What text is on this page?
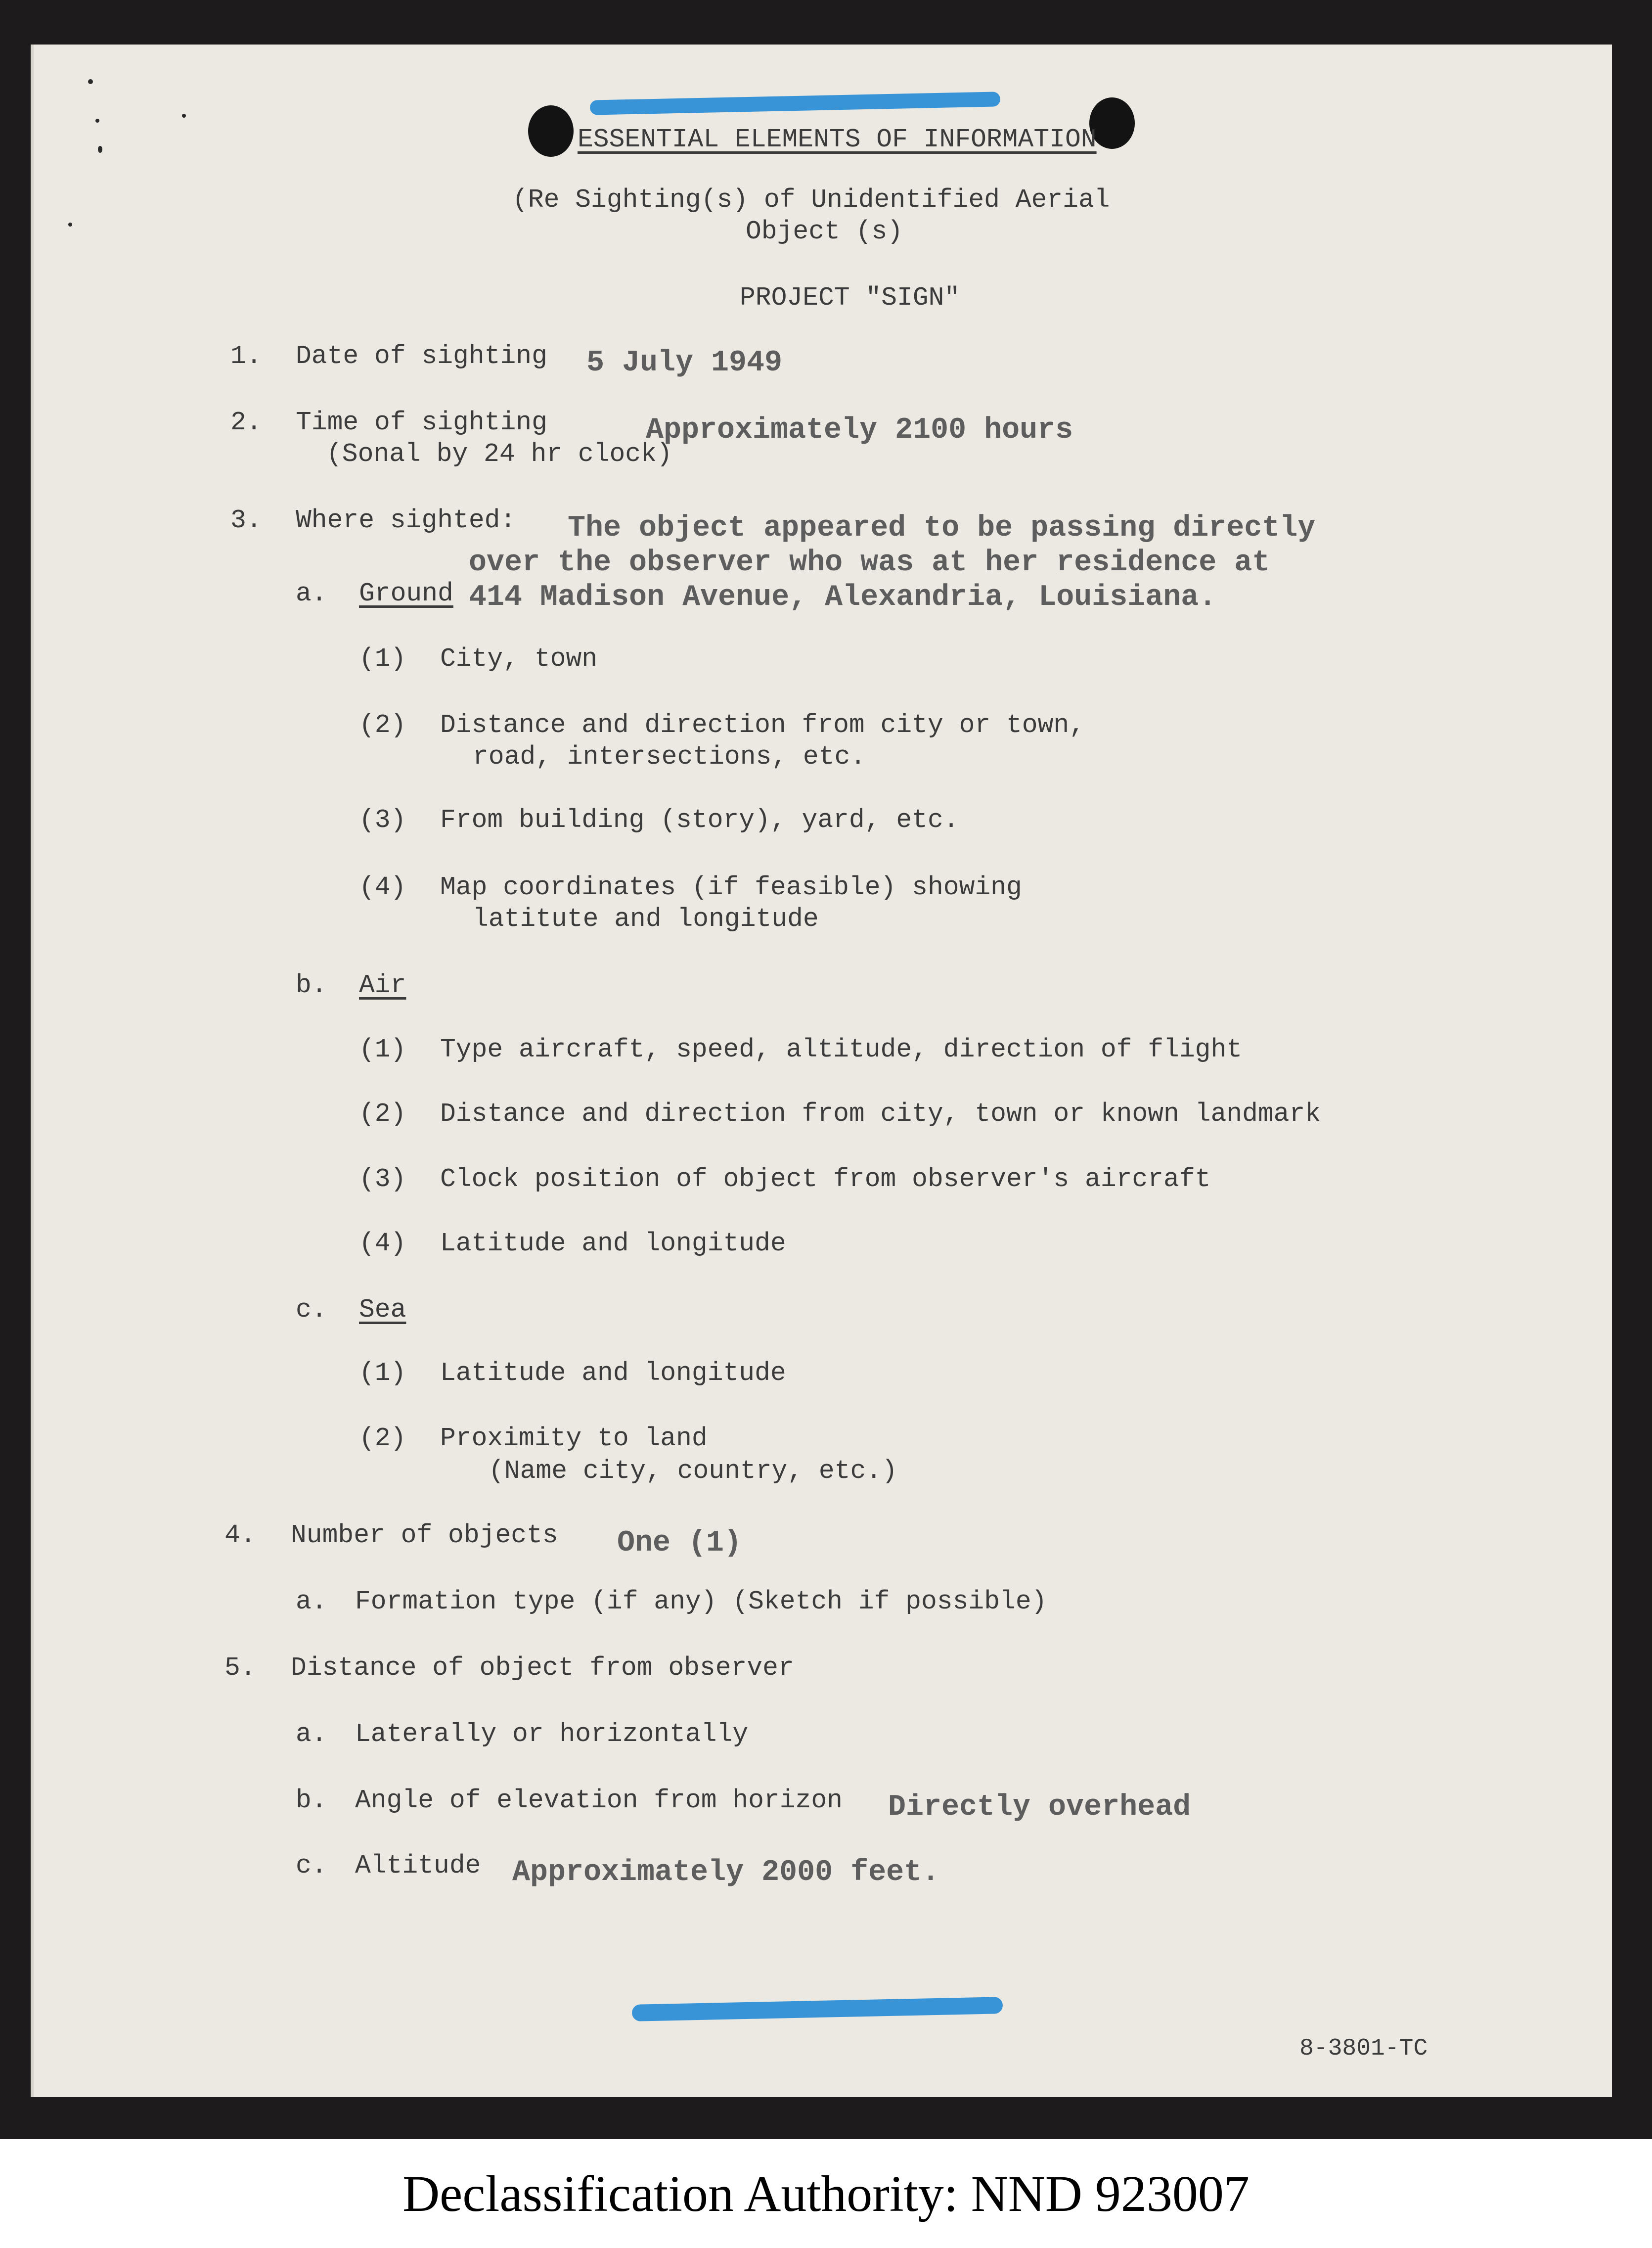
ESSENTIAL ELEMENTS OF INFORMATION
(Re Sighting(s) of Unidentified Aerial
Object (s)
PROJECT "SIGN"
1. Date of sighting 5 July 1949
2. Time of sighting
(Sonal by 24 hr clock)
Approximately 2100 hours
3. Where sighted: The object appeared to be passing directly
over the observer who was at her residence at
414 Madison Avenue, Alexandria, Louisiana.
a. Ground
(1) City, town
(2) Distance and direction from city or town,
road, intersections, etc.
(3) From building (story), yard, etc.
(4) Map coordinates (if feasible) showing
latitute and longitude
b. Air
(1) Type aircraft, speed, altitude, direction of flight
(2) Distance and direction from city, town or known landmark
(3) Clock position of object from observer's aircraft
(4) Latitude and longitude
c. Sea
(1) Latitude and longitude
(2) Proximity to land
(Name city, country, etc.)
4. Number of objects One (1)
a. Formation type (if any) (Sketch if possible)
5. Distance of object from observer
a. Laterally or horizontally
b. Angle of elevation from horizon Directly overhead
c. Altitude Approximately 2000 feet.
8-3801-TC
Declassification Authority: NND 923007
